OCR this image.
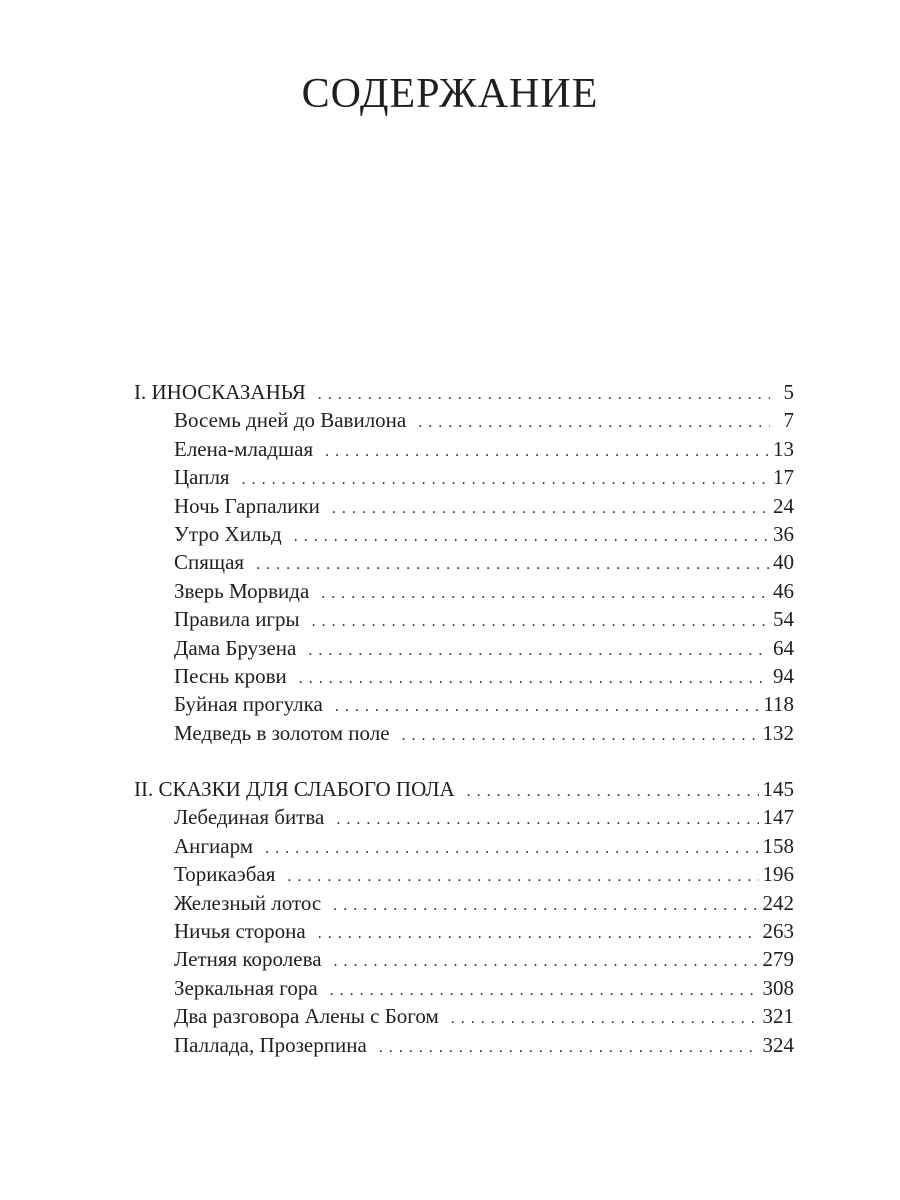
СОДЕРЖАНИЕ
I. ИНОСКАЗАНЬЯ . . .	5
Восемь дней до Вавилона . . .	7
Елена-младшая . . .	13
Цапля . . .	17
Ночь Гарпалики . . .	24
Утро Хильд . . .	36
Спящая . . .	40
Зверь Морвида . . .	46
Правила игры . . .	54
Дама Брузена . . .	64
Песнь крови . . .	94
Буйная прогулка . . .	118
Медведь в золотом поле . . .	132
II. СКАЗКИ ДЛЯ СЛАБОГО ПОЛА . . .	145
Лебединая битва . . .	147
Ангиарм . . .	158
Торикаэбая . . .	196
Железный лотос . . .	242
Ничья сторона . . .	263
Летняя королева . . .	279
Зеркальная гора . . .	308
Два разговора Алены с Богом . . .	321
Паллада, Прозерпина . . .	324
